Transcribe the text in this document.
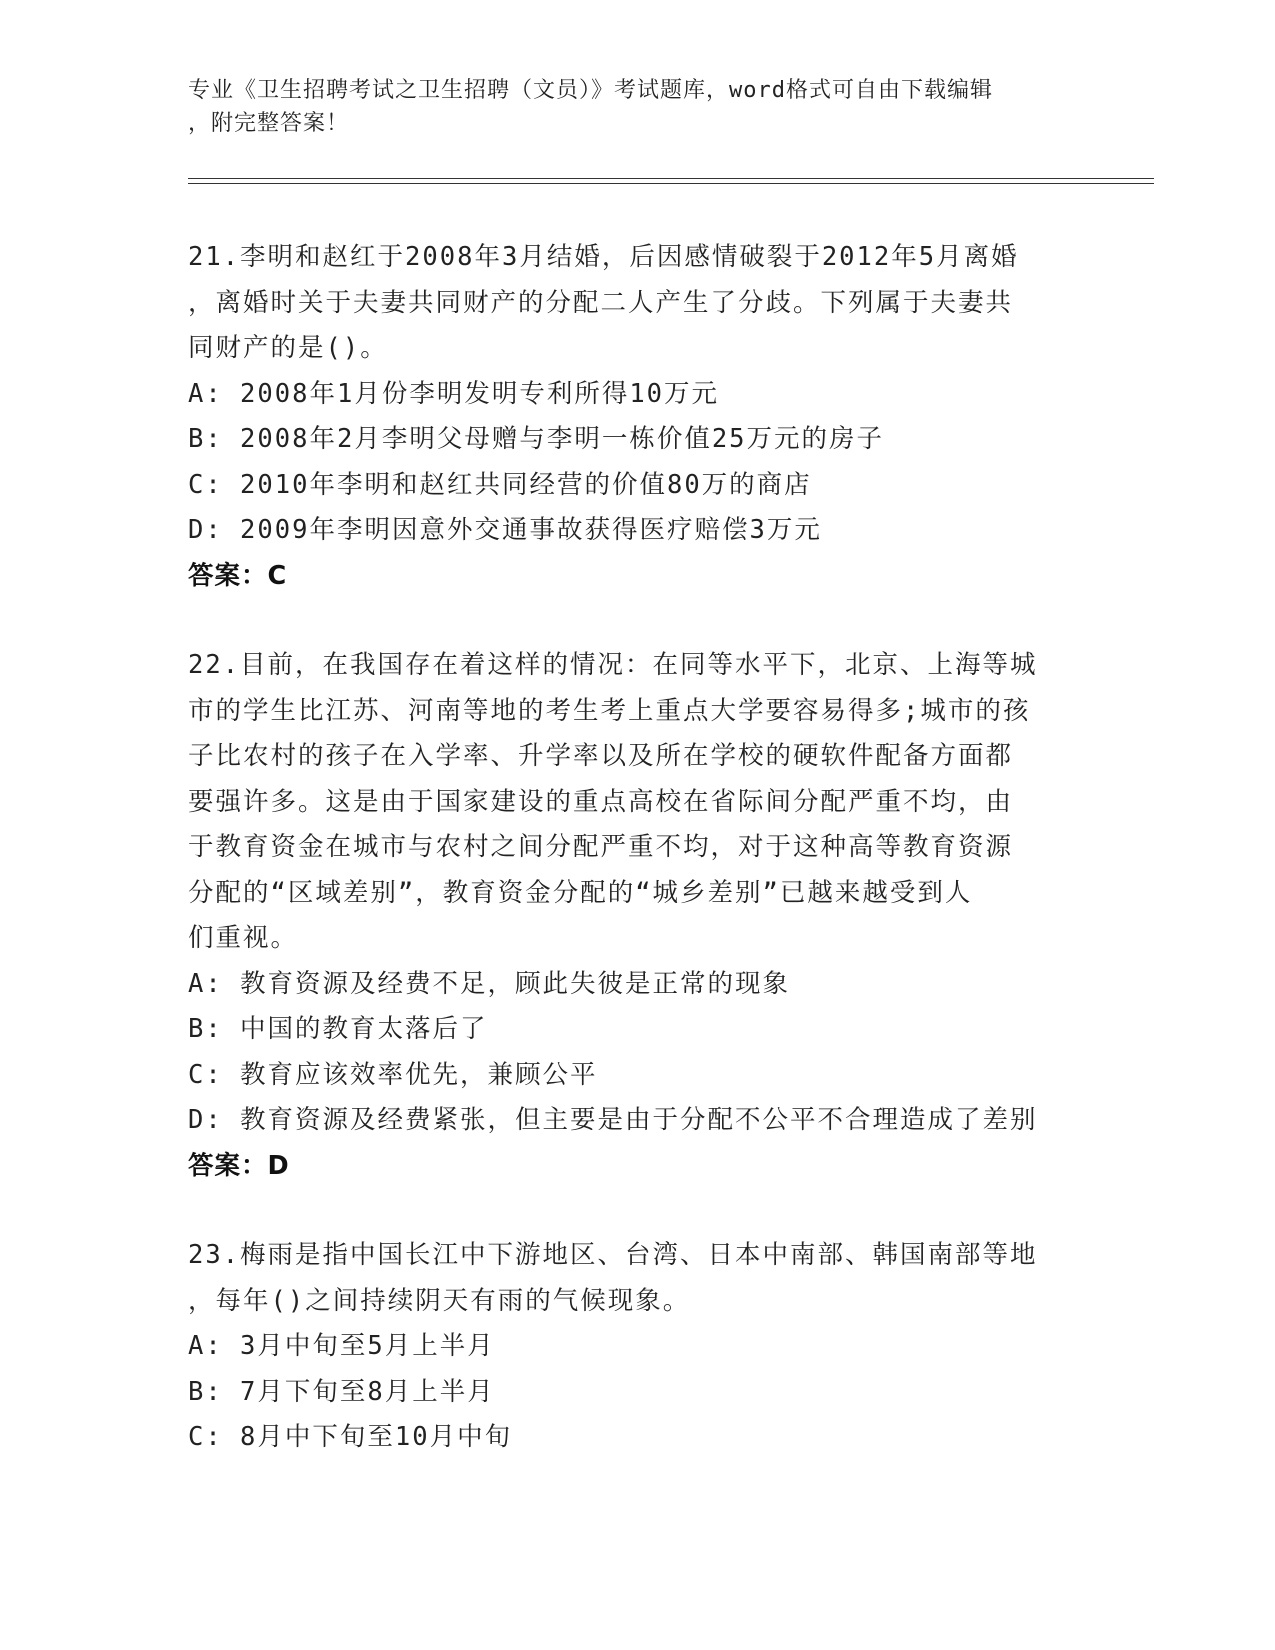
专业《卫生招聘考试之卫生招聘（文员）》考试题库，word格式可自由下载编辑
，附完整答案！
21.李明和赵红于2008年3月结婚，后因感情破裂于2012年5月离婚
，离婚时关于夫妻共同财产的分配二人产生了分歧。下列属于夫妻共
同财产的是()。
A: 2008年1月份李明发明专利所得10万元
B: 2008年2月李明父母赠与李明一栋价值25万元的房子
C: 2010年李明和赵红共同经营的价值80万的商店
D: 2009年李明因意外交通事故获得医疗赔偿3万元
答案：C
22.目前，在我国存在着这样的情况：在同等水平下，北京、上海等城
市的学生比江苏、河南等地的考生考上重点大学要容易得多;城市的孩
子比农村的孩子在入学率、升学率以及所在学校的硬软件配备方面都
要强许多。这是由于国家建设的重点高校在省际间分配严重不均，由
于教育资金在城市与农村之间分配严重不均，对于这种高等教育资源
分配的“区域差别”，教育资金分配的“城乡差别”已越来越受到人
们重视。
A: 教育资源及经费不足，顾此失彼是正常的现象
B: 中国的教育太落后了
C: 教育应该效率优先，兼顾公平
D: 教育资源及经费紧张，但主要是由于分配不公平不合理造成了差别
答案：D
23.梅雨是指中国长江中下游地区、台湾、日本中南部、韩国南部等地
，每年()之间持续阴天有雨的气候现象。
A: 3月中旬至5月上半月
B: 7月下旬至8月上半月
C: 8月中下旬至10月中旬
